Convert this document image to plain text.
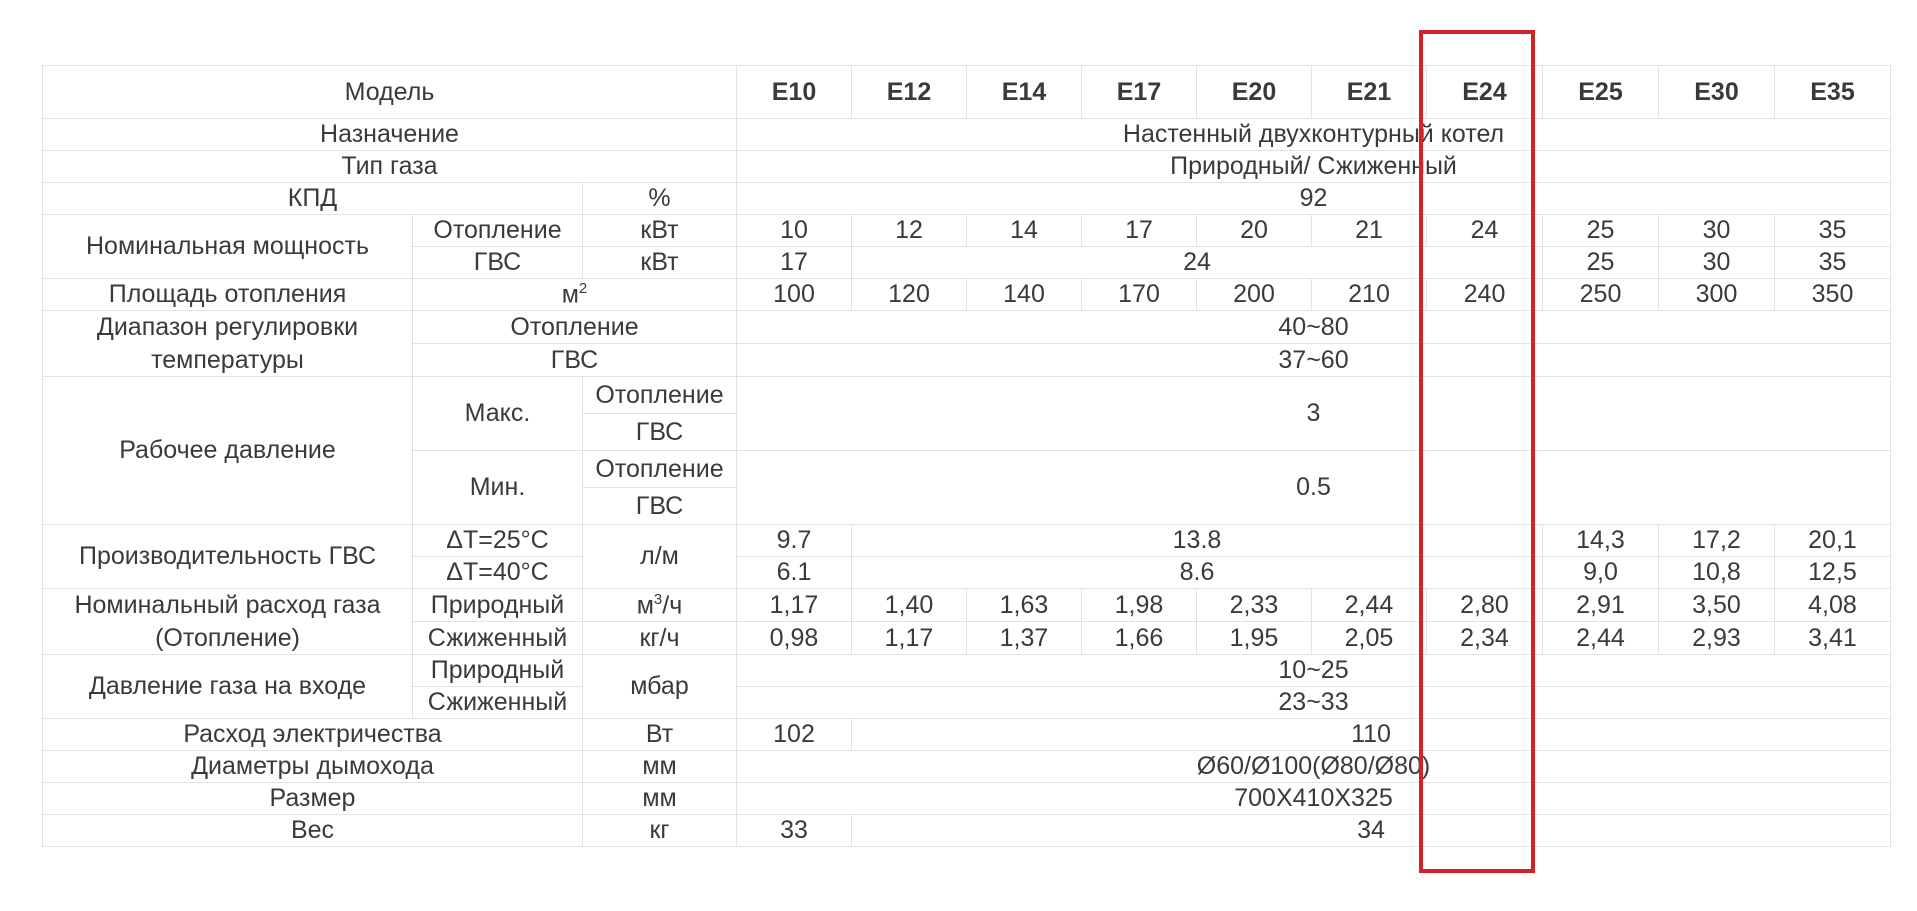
Модель			E10	E12	E14	E17	E20	E21	E24	E25	E30	E35
Назначение			Настенный двухконтурный котел									
Тип газа			Природный/ Сжиженный									
КПД		%	92									
Номинальная мощность	Отопление	кВт	10	12	14	17	20	21	24	25	30	35
	ГВС	кВт	17	24						25	30	35
Площадь отопления	$м^2$		100	120	140	170	200	210	240	250	300	350
Диапазон регулировки температуры	Отопление		40~80									
	ГВС		37~60									
Рабочее давление	Макс.	Отопление	3									
		ГВС										
	Мин.	Отопление	0.5									
		ГВС										
Производительность ГВС	ΔT=25°C	л/м	9.7	13.8						14,3	17,2	20,1
	ΔT=40°C		6.1	8.6						9,0	10,8	12,5
Номинальный расход газа (Отопление)	Природный	$м^3/ч$	1,17	1,40	1,63	1,98	2,33	2,44	2,80	2,91	3,50	4,08
	Сжиженный	кг/ч	0,98	1,17	1,37	1,66	1,95	2,05	2,34	2,44	2,93	3,41
Давление газа на входе	Природный	мбар	10~25									
	Сжиженный		23~33									
Расход электричества		Вт	102	110								
Диаметры дымохода		мм	Ø60/Ø100(Ø80/Ø80)									
Размер		мм	700X410X325									
Вес		кг	33	34								
